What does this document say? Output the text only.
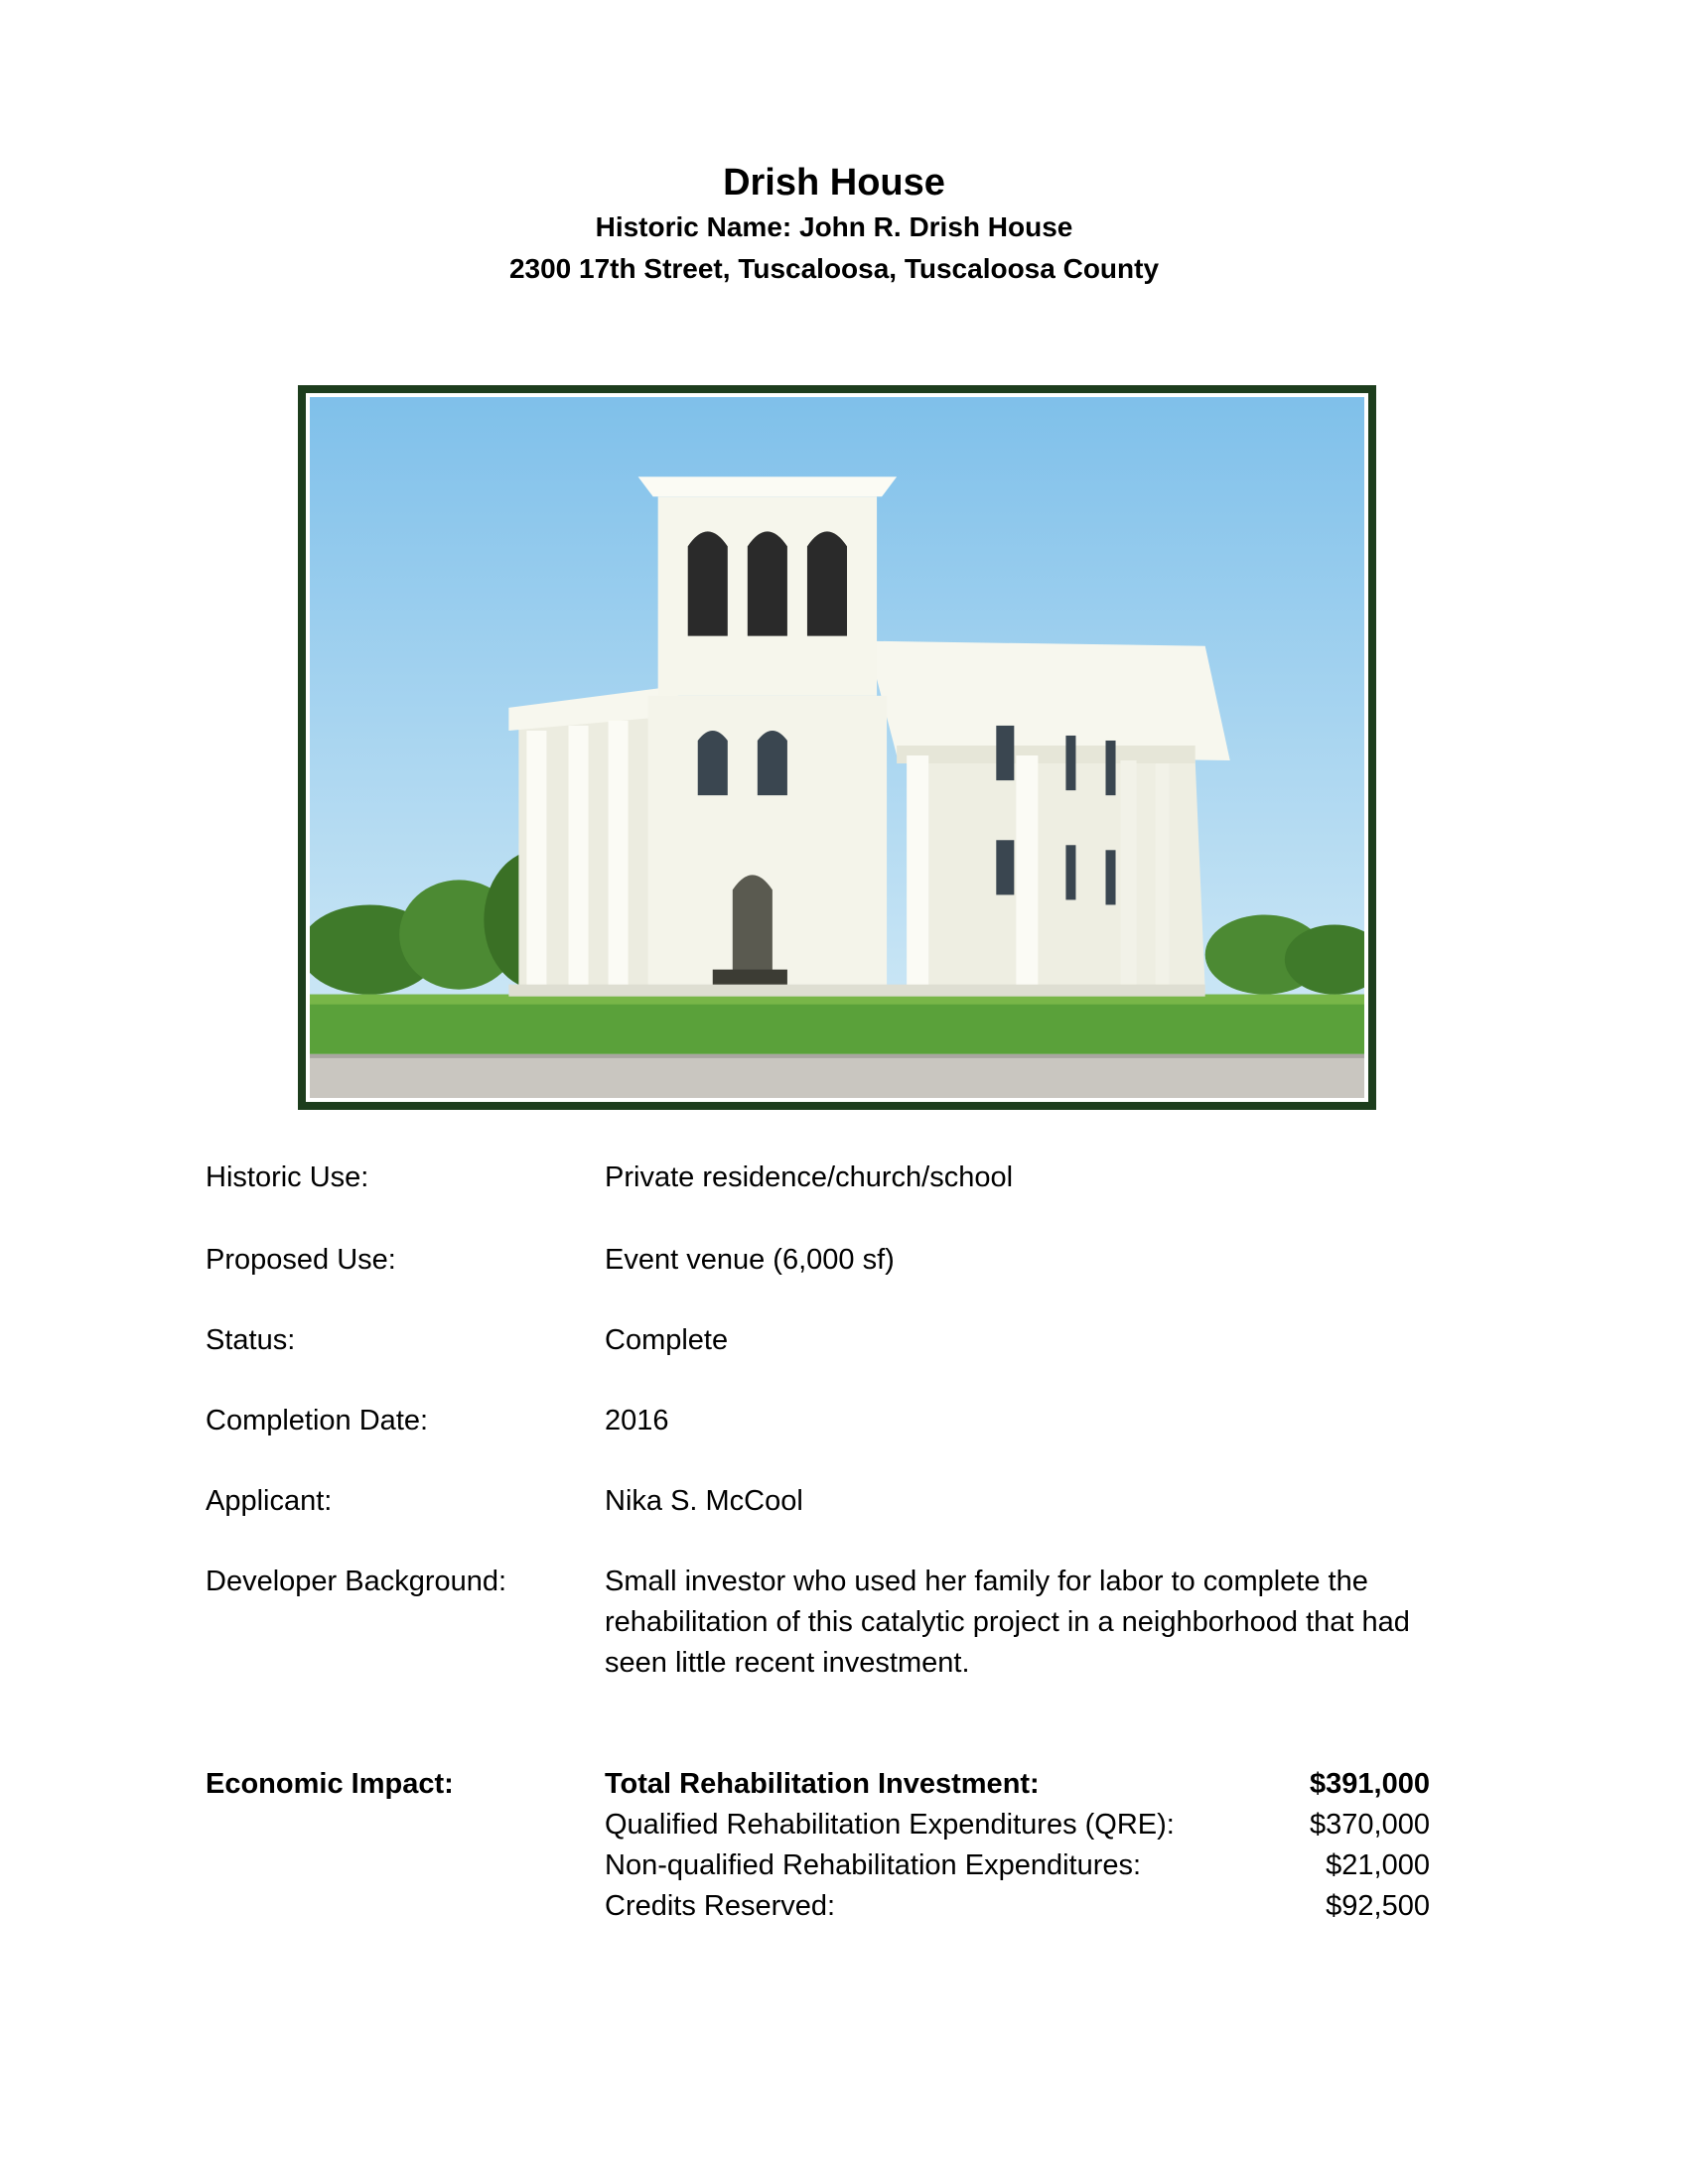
Drish House
Historic Name: John R. Drish House
2300 17th Street, Tuscaloosa, Tuscaloosa County
Historic Use:	Private residence/church/school
Proposed Use:	Event venue (6,000 sf)
Status:	Complete
Completion Date:	2016
Applicant:	Nika S. McCool
Developer Background:	Small investor who used her family for labor to complete the
rehabilitation of this catalytic project in a neighborhood that had
seen little recent investment.
Economic Impact:	Total Rehabilitation Investment:	$391,000
Qualified Rehabilitation Expenditures (QRE):	$370,000
Non-qualified Rehabilitation Expenditures:	$21,000
Credits Reserved:	$92,500
